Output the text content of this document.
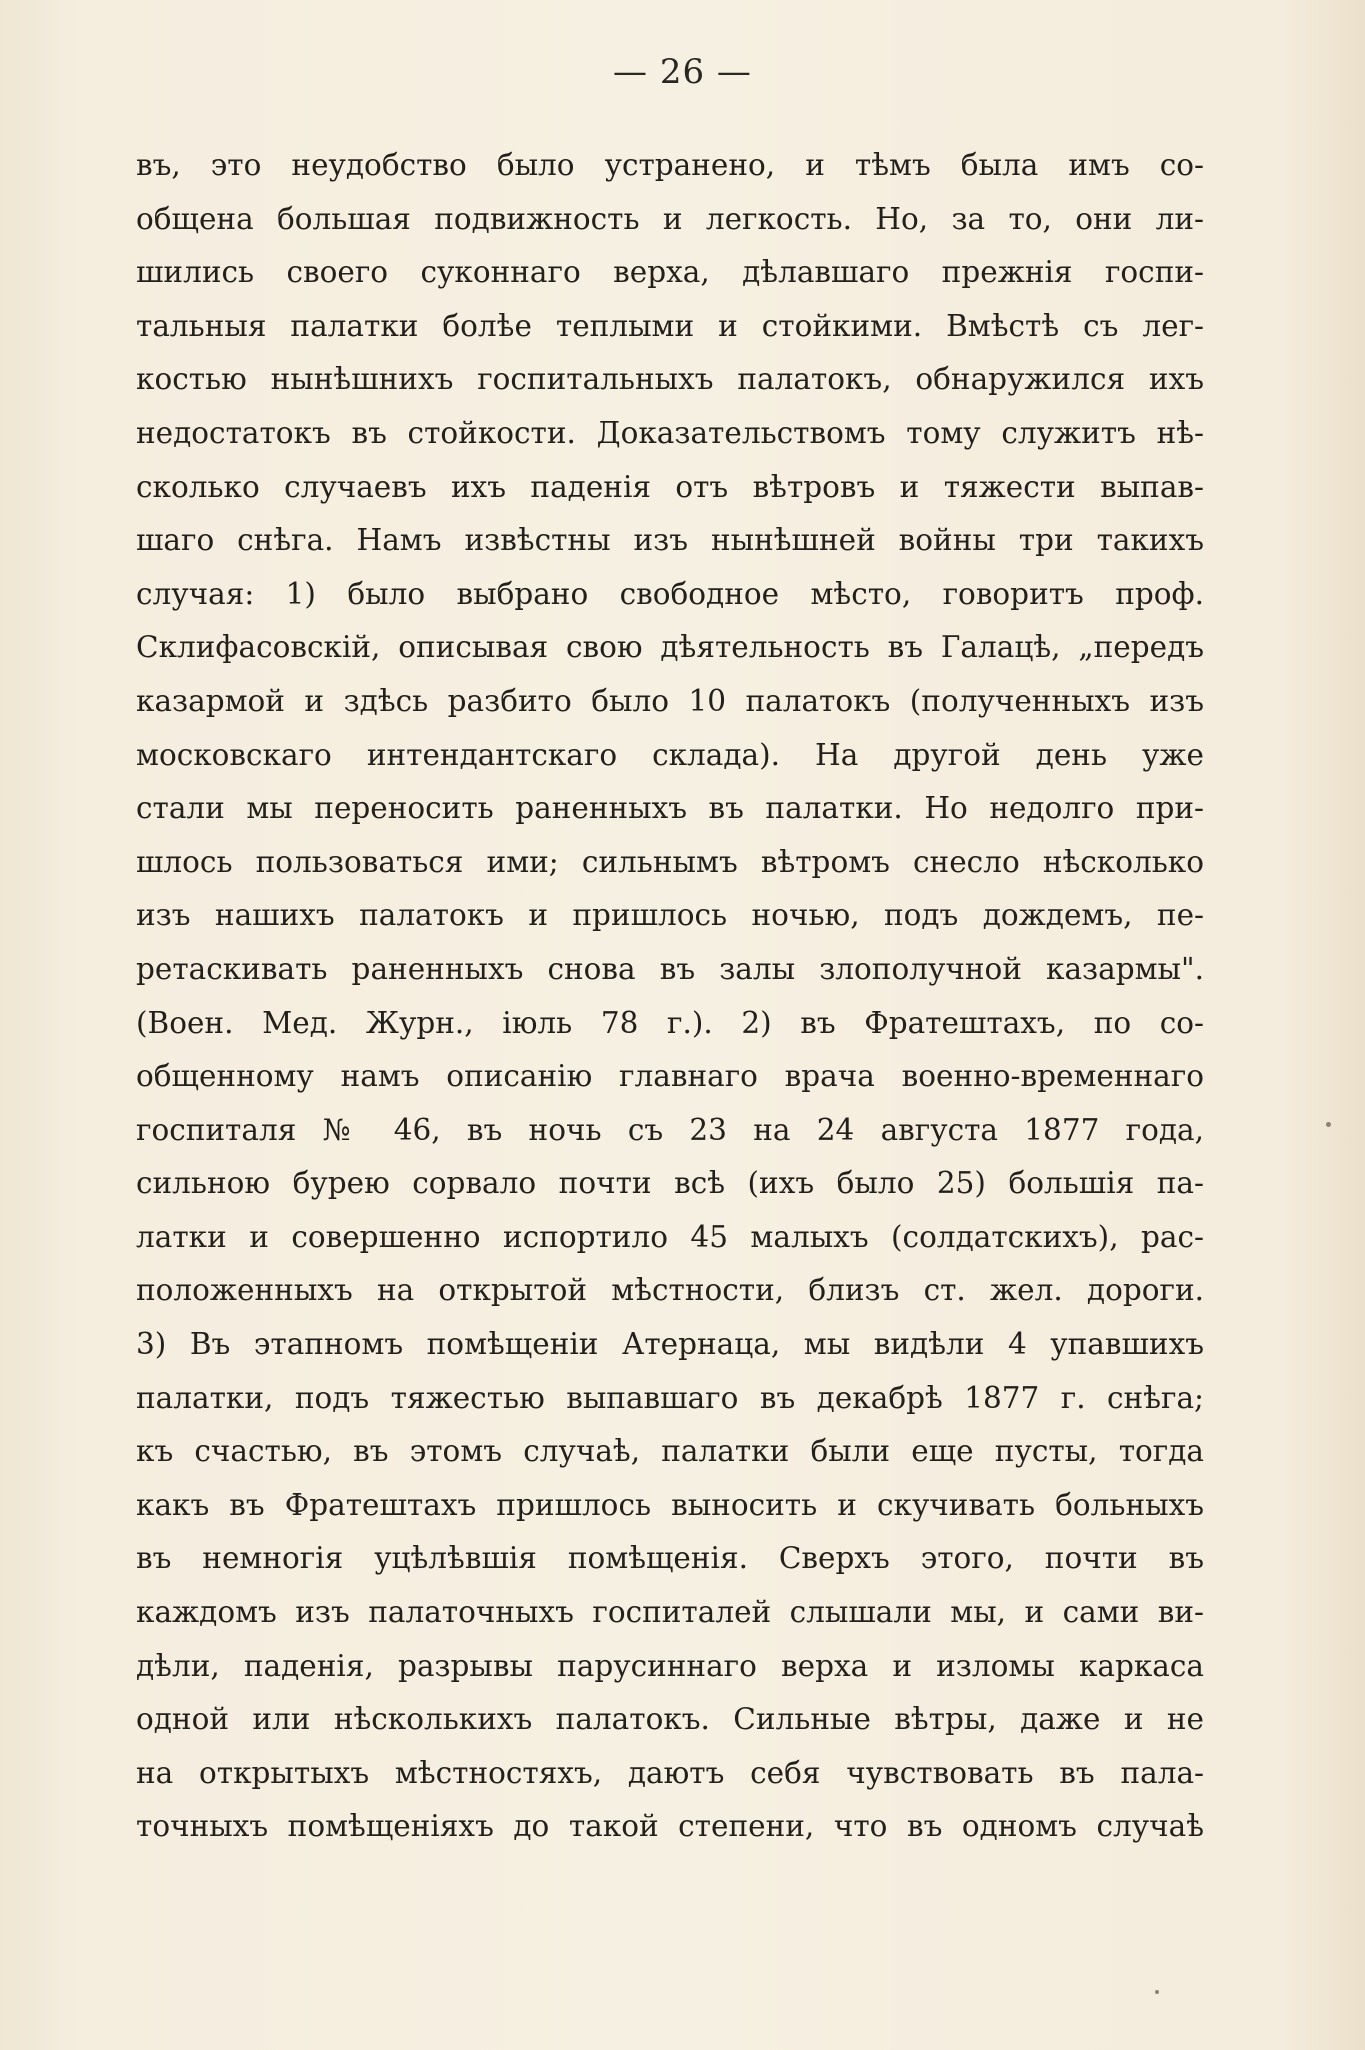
— 26 —
въ, это неудобство было устранено, и тѣмъ была имъ со-
общена большая подвижность и легкость. Но, за то, они ли-
шились своего суконнаго верха, дѣлавшаго прежнія госпи-
тальныя палатки болѣе теплыми и стойкими. Вмѣстѣ съ лег-
костью нынѣшнихъ госпитальныхъ палатокъ, обнаружился ихъ
недостатокъ въ стойкости. Доказательствомъ тому служитъ нѣ-
сколько случаевъ ихъ паденія отъ вѣтровъ и тяжести выпав-
шаго снѣга. Намъ извѣстны изъ нынѣшней войны три такихъ
случая: 1) было выбрано свободное мѣсто, говоритъ проф.
Склифасовскій, описывая свою дѣятельность въ Галацѣ, „передъ
казармой и здѣсь разбито было 10 палатокъ (полученныхъ изъ
московскаго интендантскаго склада). На другой день уже
стали мы переносить раненныхъ въ палатки. Но недолго при-
шлось пользоваться ими; сильнымъ вѣтромъ снесло нѣсколько
изъ нашихъ палатокъ и пришлось ночью, подъ дождемъ, пе-
ретаскивать раненныхъ снова въ залы злополучной казармы".
(Воен. Мед. Журн., іюль 78 г.). 2) въ Фратештахъ, по со-
общенному намъ описанію главнаго врача военно-временнаго
госпиталя № 46, въ ночь съ 23 на 24 августа 1877 года,
сильною бурею сорвало почти всѣ (ихъ было 25) большія па-
латки и совершенно испортило 45 малыхъ (солдатскихъ), рас-
положенныхъ на открытой мѣстности, близъ ст. жел. дороги.
3) Въ этапномъ помѣщеніи Атернаца, мы видѣли 4 упавшихъ
палатки, подъ тяжестью выпавшаго въ декабрѣ 1877 г. снѣга;
къ счастью, въ этомъ случаѣ, палатки были еще пусты, тогда
какъ въ Фратештахъ пришлось выносить и скучивать больныхъ
въ немногія уцѣлѣвшія помѣщенія. Сверхъ этого, почти въ
каждомъ изъ палаточныхъ госпиталей слышали мы, и сами ви-
дѣли, паденія, разрывы парусиннаго верха и изломы каркаса
одной или нѣсколькихъ палатокъ. Сильные вѣтры, даже и не
на открытыхъ мѣстностяхъ, даютъ себя чувствовать въ пала-
точныхъ помѣщеніяхъ до такой степени, что въ одномъ случаѣ
